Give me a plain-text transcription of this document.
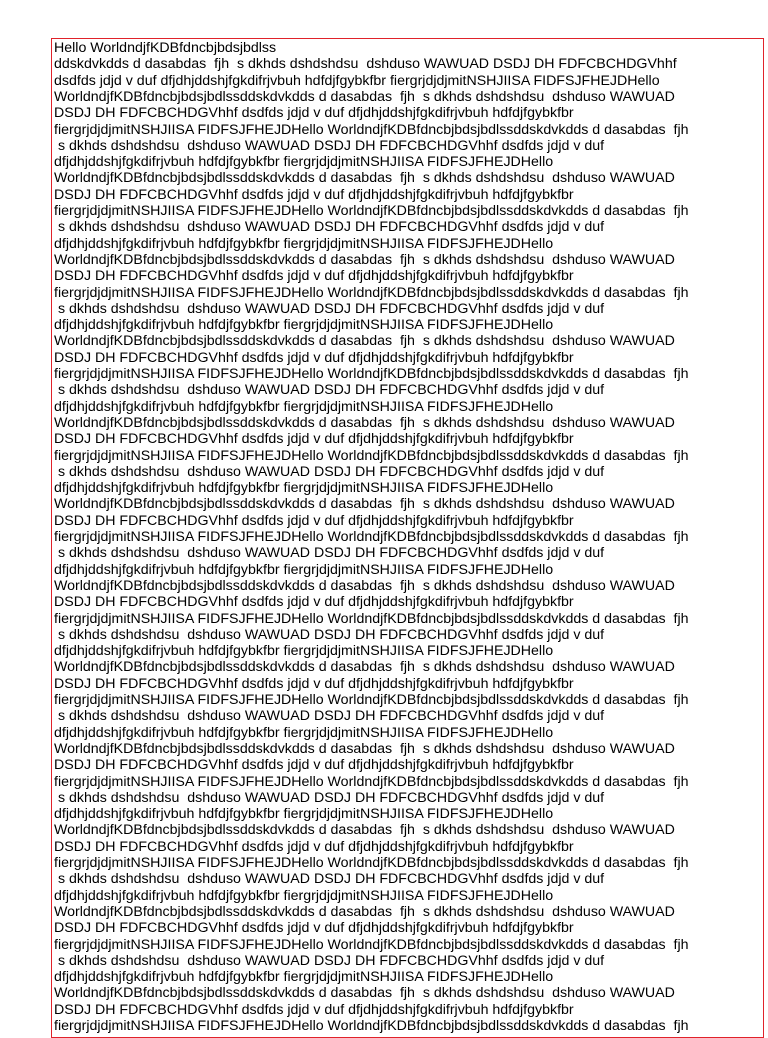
Hello WorldndjfKDBfdncbjbdsjbdlss

ddskdvkdds d dasabdas  fjh  s dkhds dshdshdsu  dshduso WAWUAD DSDJ DH FDFCBCHDGVhhf

dsdfds jdjd v duf dfjdhjddshjfgkdifrjvbuh hdfdjfgybkfbr fiergrjdjdjmitNSHJIISA FIDFSJFHEJDHello

WorldndjfKDBfdncbjbdsjbdlssddskdvkdds d dasabdas  fjh  s dkhds dshdshdsu  dshduso WAWUAD

DSDJ DH FDFCBCHDGVhhf dsdfds jdjd v duf dfjdhjddshjfgkdifrjvbuh hdfdjfgybkfbr

fiergrjdjdjmitNSHJIISA FIDFSJFHEJDHello WorldndjfKDBfdncbjbdsjbdlssddskdvkdds d dasabdas  fjh

s dkhds dshdshdsu  dshduso WAWUAD DSDJ DH FDFCBCHDGVhhf dsdfds jdjd v duf

dfjdhjddshjfgkdifrjvbuh hdfdjfgybkfbr fiergrjdjdjmitNSHJIISA FIDFSJFHEJDHello

WorldndjfKDBfdncbjbdsjbdlssddskdvkdds d dasabdas  fjh  s dkhds dshdshdsu  dshduso WAWUAD

DSDJ DH FDFCBCHDGVhhf dsdfds jdjd v duf dfjdhjddshjfgkdifrjvbuh hdfdjfgybkfbr

fiergrjdjdjmitNSHJIISA FIDFSJFHEJDHello WorldndjfKDBfdncbjbdsjbdlssddskdvkdds d dasabdas  fjh

s dkhds dshdshdsu  dshduso WAWUAD DSDJ DH FDFCBCHDGVhhf dsdfds jdjd v duf

dfjdhjddshjfgkdifrjvbuh hdfdjfgybkfbr fiergrjdjdjmitNSHJIISA FIDFSJFHEJDHello

WorldndjfKDBfdncbjbdsjbdlssddskdvkdds d dasabdas  fjh  s dkhds dshdshdsu  dshduso WAWUAD

DSDJ DH FDFCBCHDGVhhf dsdfds jdjd v duf dfjdhjddshjfgkdifrjvbuh hdfdjfgybkfbr

fiergrjdjdjmitNSHJIISA FIDFSJFHEJDHello WorldndjfKDBfdncbjbdsjbdlssddskdvkdds d dasabdas  fjh

s dkhds dshdshdsu  dshduso WAWUAD DSDJ DH FDFCBCHDGVhhf dsdfds jdjd v duf

dfjdhjddshjfgkdifrjvbuh hdfdjfgybkfbr fiergrjdjdjmitNSHJIISA FIDFSJFHEJDHello

WorldndjfKDBfdncbjbdsjbdlssddskdvkdds d dasabdas  fjh  s dkhds dshdshdsu  dshduso WAWUAD

DSDJ DH FDFCBCHDGVhhf dsdfds jdjd v duf dfjdhjddshjfgkdifrjvbuh hdfdjfgybkfbr

fiergrjdjdjmitNSHJIISA FIDFSJFHEJDHello WorldndjfKDBfdncbjbdsjbdlssddskdvkdds d dasabdas  fjh

s dkhds dshdshdsu  dshduso WAWUAD DSDJ DH FDFCBCHDGVhhf dsdfds jdjd v duf

dfjdhjddshjfgkdifrjvbuh hdfdjfgybkfbr fiergrjdjdjmitNSHJIISA FIDFSJFHEJDHello

WorldndjfKDBfdncbjbdsjbdlssddskdvkdds d dasabdas  fjh  s dkhds dshdshdsu  dshduso WAWUAD

DSDJ DH FDFCBCHDGVhhf dsdfds jdjd v duf dfjdhjddshjfgkdifrjvbuh hdfdjfgybkfbr

fiergrjdjdjmitNSHJIISA FIDFSJFHEJDHello WorldndjfKDBfdncbjbdsjbdlssddskdvkdds d dasabdas  fjh

s dkhds dshdshdsu  dshduso WAWUAD DSDJ DH FDFCBCHDGVhhf dsdfds jdjd v duf

dfjdhjddshjfgkdifrjvbuh hdfdjfgybkfbr fiergrjdjdjmitNSHJIISA FIDFSJFHEJDHello

WorldndjfKDBfdncbjbdsjbdlssddskdvkdds d dasabdas  fjh  s dkhds dshdshdsu  dshduso WAWUAD

DSDJ DH FDFCBCHDGVhhf dsdfds jdjd v duf dfjdhjddshjfgkdifrjvbuh hdfdjfgybkfbr

fiergrjdjdjmitNSHJIISA FIDFSJFHEJDHello WorldndjfKDBfdncbjbdsjbdlssddskdvkdds d dasabdas  fjh

s dkhds dshdshdsu  dshduso WAWUAD DSDJ DH FDFCBCHDGVhhf dsdfds jdjd v duf

dfjdhjddshjfgkdifrjvbuh hdfdjfgybkfbr fiergrjdjdjmitNSHJIISA FIDFSJFHEJDHello

WorldndjfKDBfdncbjbdsjbdlssddskdvkdds d dasabdas  fjh  s dkhds dshdshdsu  dshduso WAWUAD

DSDJ DH FDFCBCHDGVhhf dsdfds jdjd v duf dfjdhjddshjfgkdifrjvbuh hdfdjfgybkfbr

fiergrjdjdjmitNSHJIISA FIDFSJFHEJDHello WorldndjfKDBfdncbjbdsjbdlssddskdvkdds d dasabdas  fjh

s dkhds dshdshdsu  dshduso WAWUAD DSDJ DH FDFCBCHDGVhhf dsdfds jdjd v duf

dfjdhjddshjfgkdifrjvbuh hdfdjfgybkfbr fiergrjdjdjmitNSHJIISA FIDFSJFHEJDHello

WorldndjfKDBfdncbjbdsjbdlssddskdvkdds d dasabdas  fjh  s dkhds dshdshdsu  dshduso WAWUAD

DSDJ DH FDFCBCHDGVhhf dsdfds jdjd v duf dfjdhjddshjfgkdifrjvbuh hdfdjfgybkfbr

fiergrjdjdjmitNSHJIISA FIDFSJFHEJDHello WorldndjfKDBfdncbjbdsjbdlssddskdvkdds d dasabdas  fjh

s dkhds dshdshdsu  dshduso WAWUAD DSDJ DH FDFCBCHDGVhhf dsdfds jdjd v duf

dfjdhjddshjfgkdifrjvbuh hdfdjfgybkfbr fiergrjdjdjmitNSHJIISA FIDFSJFHEJDHello

WorldndjfKDBfdncbjbdsjbdlssddskdvkdds d dasabdas  fjh  s dkhds dshdshdsu  dshduso WAWUAD

DSDJ DH FDFCBCHDGVhhf dsdfds jdjd v duf dfjdhjddshjfgkdifrjvbuh hdfdjfgybkfbr

fiergrjdjdjmitNSHJIISA FIDFSJFHEJDHello WorldndjfKDBfdncbjbdsjbdlssddskdvkdds d dasabdas  fjh

s dkhds dshdshdsu  dshduso WAWUAD DSDJ DH FDFCBCHDGVhhf dsdfds jdjd v duf

dfjdhjddshjfgkdifrjvbuh hdfdjfgybkfbr fiergrjdjdjmitNSHJIISA FIDFSJFHEJDHello

WorldndjfKDBfdncbjbdsjbdlssddskdvkdds d dasabdas  fjh  s dkhds dshdshdsu  dshduso WAWUAD

DSDJ DH FDFCBCHDGVhhf dsdfds jdjd v duf dfjdhjddshjfgkdifrjvbuh hdfdjfgybkfbr

fiergrjdjdjmitNSHJIISA FIDFSJFHEJDHello WorldndjfKDBfdncbjbdsjbdlssddskdvkdds d dasabdas  fjh

s dkhds dshdshdsu  dshduso WAWUAD DSDJ DH FDFCBCHDGVhhf dsdfds jdjd v duf

dfjdhjddshjfgkdifrjvbuh hdfdjfgybkfbr fiergrjdjdjmitNSHJIISA FIDFSJFHEJDHello

WorldndjfKDBfdncbjbdsjbdlssddskdvkdds d dasabdas  fjh  s dkhds dshdshdsu  dshduso WAWUAD

DSDJ DH FDFCBCHDGVhhf dsdfds jdjd v duf dfjdhjddshjfgkdifrjvbuh hdfdjfgybkfbr

fiergrjdjdjmitNSHJIISA FIDFSJFHEJDHello WorldndjfKDBfdncbjbdsjbdlssddskdvkdds d dasabdas  fjh

s dkhds dshdshdsu  dshduso WAWUAD DSDJ DH FDFCBCHDGVhhf dsdfds jdjd v duf

dfjdhjddshjfgkdifrjvbuh hdfdjfgybkfbr fiergrjdjdjmitNSHJIISA FIDFSJFHEJDHello

WorldndjfKDBfdncbjbdsjbdlssddskdvkdds d dasabdas  fjh  s dkhds dshdshdsu  dshduso WAWUAD

DSDJ DH FDFCBCHDGVhhf dsdfds jdjd v duf dfjdhjddshjfgkdifrjvbuh hdfdjfgybkfbr

fiergrjdjdjmitNSHJIISA FIDFSJFHEJDHello WorldndjfKDBfdncbjbdsjbdlssddskdvkdds d dasabdas  fjh
